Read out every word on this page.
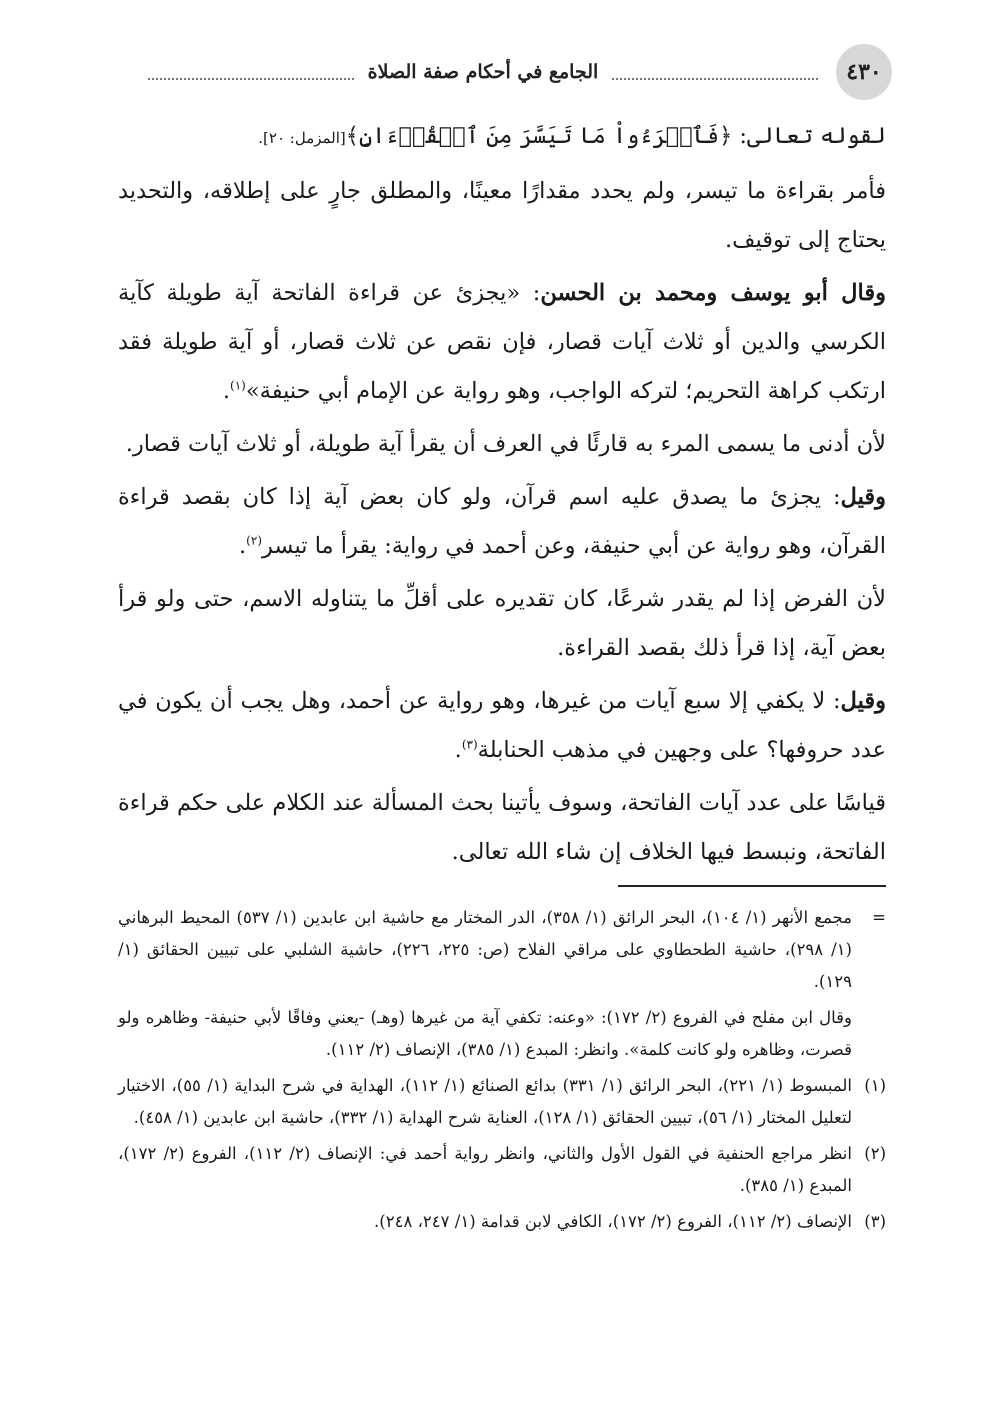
٤٣٠
الجامع في أحكام صفة الصلاة

لقوله تعالى: ﴿فَٱقۡرَءُواْ مَا تَيَسَّرَ مِنَ ٱلۡقُرۡءَانِ﴾[المزمل: ٢٠].

فأمر بقراءة ما تيسر، ولم يحدد مقدارًا معينًا، والمطلق جارٍ على إطلاقه، والتحديد يحتاج إلى توقيف.

وقال أبو يوسف ومحمد بن الحسن: «يجزئ عن قراءة الفاتحة آية طويلة كآية الكرسي والدين أو ثلاث آيات قصار، فإن نقص عن ثلاث قصار، أو آية طويلة فقد ارتكب كراهة التحريم؛ لتركه الواجب، وهو رواية عن الإمام أبي حنيفة»$^{(١)}$.

لأن أدنى ما يسمى المرء به قارئًا في العرف أن يقرأ آية طويلة، أو ثلاث آيات قصار.

وقيل: يجزئ ما يصدق عليه اسم قرآن، ولو كان بعض آية إذا كان بقصد قراءة القرآن، وهو رواية عن أبي حنيفة، وعن أحمد في رواية: يقرأ ما تيسر$^{(٢)}$.

لأن الفرض إذا لم يقدر شرعًا، كان تقديره على أقلِّ ما يتناوله الاسم، حتى ولو قرأ بعض آية، إذا قرأ ذلك بقصد القراءة.

وقيل: لا يكفي إلا سبع آيات من غيرها، وهو رواية عن أحمد، وهل يجب أن يكون في عدد حروفها؟ على وجهين في مذهب الحنابلة$^{(٣)}$.

قياسًا على عدد آيات الفاتحة، وسوف يأتينا بحث المسألة عند الكلام على حكم قراءة الفاتحة، ونبسط فيها الخلاف إن شاء الله تعالى.

=
مجمع الأنهر (١/ ١٠٤)، البحر الرائق (١/ ٣٥٨)، الدر المختار مع حاشية ابن عابدين (١/ ٥٣٧) المحيط البرهاني (١/ ٢٩٨)، حاشية الطحطاوي على مراقي الفلاح (ص: ٢٢٥، ٢٢٦)، حاشية الشلبي على تبيين الحقائق (١/ ١٢٩).
وقال ابن مفلح في الفروع (٢/ ١٧٢): «وعنه: تكفي آية من غيرها (وهـ) -يعني وفاقًا لأبي حنيفة- وظاهره ولو قصرت، وظاهره ولو كانت كلمة». وانظر: المبدع (١/ ٣٨٥)، الإنصاف (٢/ ١١٢).
(١)
المبسوط (١/ ٢٢١)، البحر الرائق (١/ ٣٣١) بدائع الصنائع (١/ ١١٢)، الهداية في شرح البداية (١/ ٥٥)، الاختيار لتعليل المختار (١/ ٥٦)، تبيين الحقائق (١/ ١٢٨)، العناية شرح الهداية (١/ ٣٣٢)، حاشية ابن عابدين (١/ ٤٥٨).
(٢)
انظر مراجع الحنفية في القول الأول والثاني، وانظر رواية أحمد في: الإنصاف (٢/ ١١٢)، الفروع (٢/ ١٧٢)، المبدع (١/ ٣٨٥).
(٣)
الإنصاف (٢/ ١١٢)، الفروع (٢/ ١٧٢)، الكافي لابن قدامة (١/ ٢٤٧، ٢٤٨).
